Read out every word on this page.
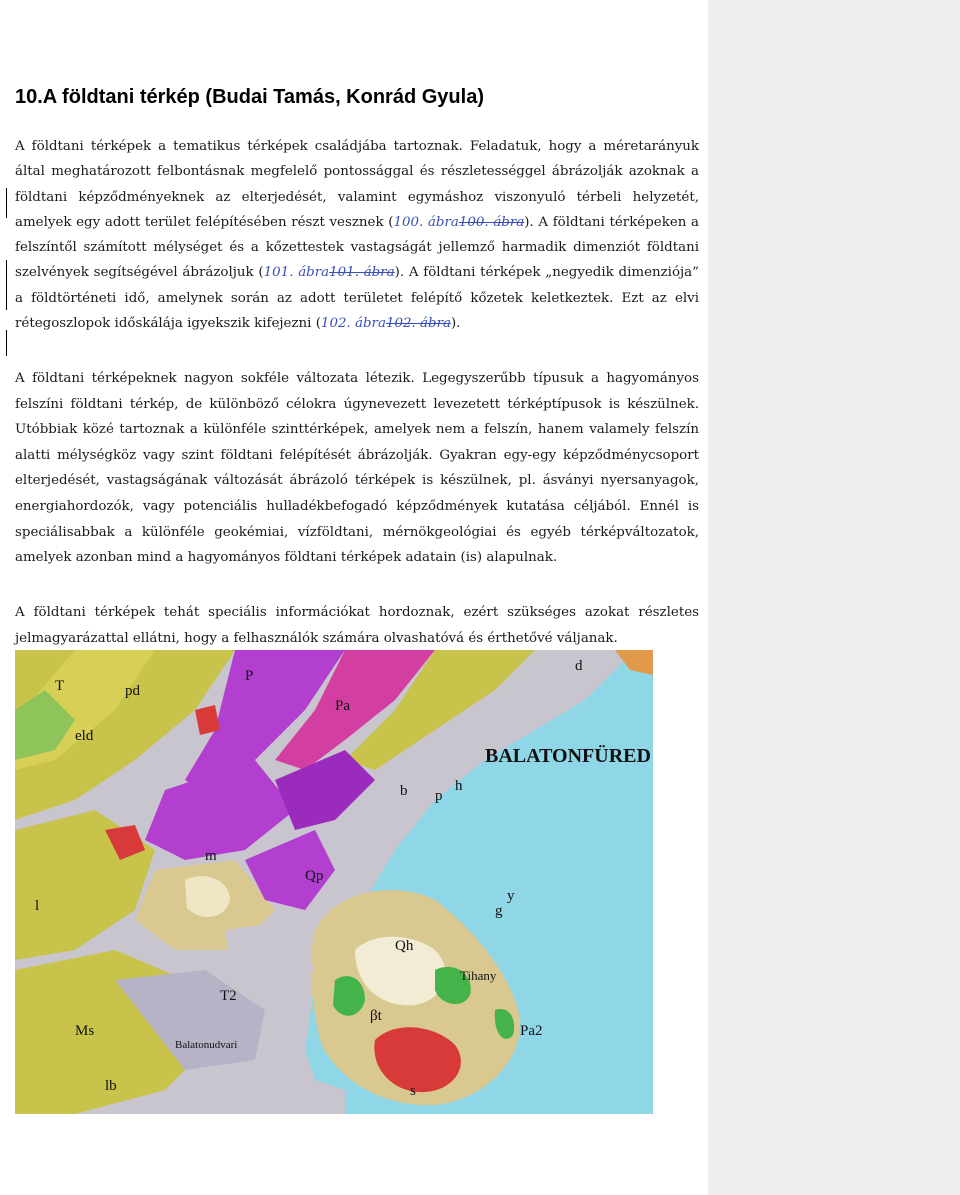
10.A földtani térkép (Budai Tamás, Konrád Gyula)

A földtani térképek a tematikus térképek családjába tartoznak. Feladatuk, hogy a méretarányuk által meghatározott felbontásnak megfelelő pontossággal és részletességgel ábrázolják azoknak a földtani képződményeknek az elterjedését, valamint egymáshoz viszonyuló térbeli helyzetét, amelyek egy adott terület felépítésében részt vesznek (100. ábra100. ábra). A földtani térképeken a felszíntől számított mélységet és a kőzettestek vastagságát jellemző harmadik dimenziót földtani szelvények segítségével ábrázoljuk (101. ábra101. ábra). A földtani térképek „negyedik dimenziója” a földtörténeti idő, amelynek során az adott területet felépítő kőzetek keletkeztek. Ezt az elvi rétegoszlopok időskálája igyekszik kifejezni (102. ábra102. ábra).

A földtani térképeknek nagyon sokféle változata létezik. Legegyszerűbb típusuk a hagyományos felszíni földtani térkép, de különböző célokra úgynevezett levezetett térképtípusok is készülnek. Utóbbiak közé tartoznak a különféle szinttérképek, amelyek nem a felszín, hanem valamely felszín alatti mélységköz vagy szint földtani felépítését ábrázolják. Gyakran egy-egy képződménycsoport elterjedését, vastagságának változását ábrázoló térképek is készülnek, pl. ásványi nyersanyagok, energiahordozók, vagy potenciális hulladékbefogadó képződmények kutatása céljából. Ennél is speciálisabbak a különféle geokémiai, vízföldtani, mérnökgeológiai és egyéb térképváltozatok, amelyek azonban mind a hagyományos földtani térképek adatain (is) alapulnak.

A földtani térképek tehát speciális információkat hordoznak, ezért szükséges azokat részletes jelmagyarázattal ellátni, hogy a felhasználók számára olvashatóvá és érthetővé váljanak.

BALATONFÜRED
Tihany
Balatonudvari
T
P
Pa
Qh
Qp
lb
d
h
eld
pd
βt
l
Ms
m
p
s
y
g
b
T2
Pa2
